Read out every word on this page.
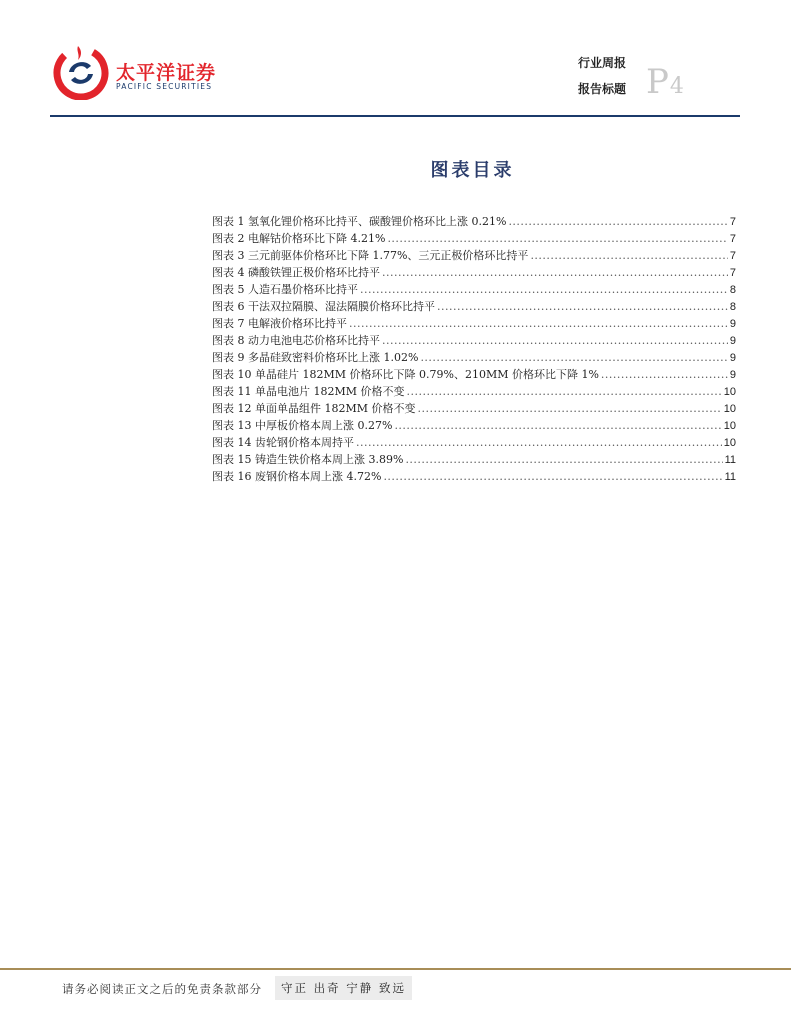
太平洋证券
PACIFIC SECURITIES
行业周报
报告标题 P4
图表目录
图表 1 氢氧化锂价格环比持平、碳酸锂价格环比上涨 0.21% .....	7
图表 2 电解钴价格环比下降 4.21% .....	7
图表 3 三元前驱体价格环比下降 1.77%、三元正极价格环比持平 .....	7
图表 4 磷酸铁锂正极价格环比持平 .....	7
图表 5 人造石墨价格环比持平 .....	8
图表 6 干法双拉隔膜、湿法隔膜价格环比持平 .....	8
图表 7 电解液价格环比持平 .....	9
图表 8 动力电池电芯价格环比持平 .....	9
图表 9 多晶硅致密料价格环比上涨 1.02% .....	9
图表 10 单晶硅片 182MM 价格环比下降 0.79%、210MM 价格环比下降 1% .....	9
图表 11 单晶电池片 182MM 价格不变 .....	10
图表 12 单面单晶组件 182MM 价格不变 .....	10
图表 13 中厚板价格本周上涨 0.27% .....	10
图表 14 齿轮钢价格本周持平 .....	10
图表 15 铸造生铁价格本周上涨 3.89% .....	11
图表 16 废钢价格本周上涨 4.72% .....	11
请务必阅读正文之后的免责条款部分	守正 出奇 宁静 致远
